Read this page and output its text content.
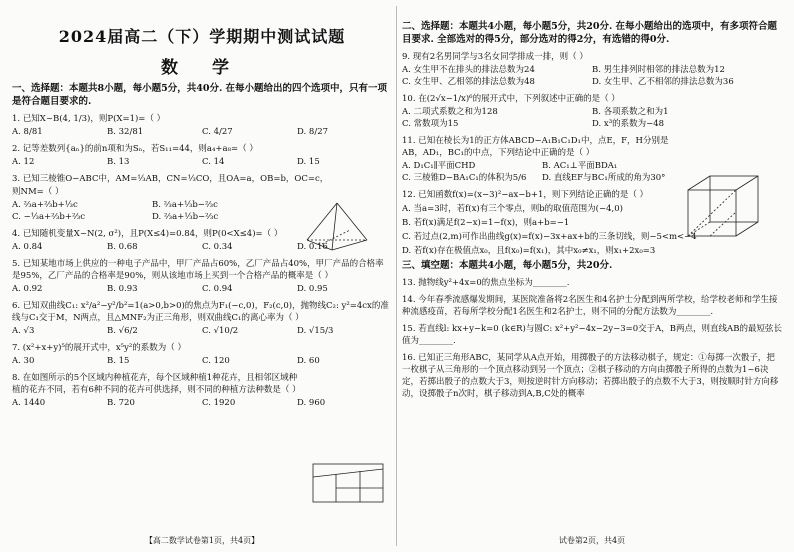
2024届高二（下）学期期中测试试题
数 学
一、选择题：本题共8小题，每小题5分，共40分. 在每小题给出的四个选项中，只有一项是符合题目要求的.
1. 已知X~B(4, 1/3)，则P(X=1)=（ ）
A. 8/81	B. 32/81	C. 4/27	D. 8/27
2. 记等差数列{aₙ}的前n项和为Sₙ，若S₁₁=44，则a₄+a₈=（ ）
A. 12	B. 13	C. 14	D. 15
3. 已知三棱锥O−ABC中，AM=⅓AB，CN=⅓CO，且OA=a，OB=b，OC=c，
则NM=（ ）
A. ⅔a+⅔b+⅓c	B. ⅔a+⅓b−⅔c
C. −⅓a+⅔b+⅔c	D. ⅔a+⅓b−⅔c
4. 已知随机变量X~N(2, σ²)，且P(X≤4)=0.84，则P(0<X≤4)=（ ）
A. 0.84	B. 0.68	C. 0.34	D. 0.16
5. 已知某地市场上供应的一种电子产品中，甲厂产品占60%，乙厂产品占40%，甲厂产品的合格率是95%，乙厂产品的合格率是90%，则从该地市场上买到一个合格产品的概率是（ ）
A. 0.92	B. 0.93	C. 0.94	D. 0.95
6. 已知双曲线C₁: x²/a²−y²/b²=1(a>0,b>0)的焦点为F₁(−c,0)，F₂(c,0)，抛物线C₂: y²=4cx的准线与C₁交于M，N两点，且△MNF₂为正三角形，则双曲线C₁的离心率为（ ）
A. √3	B. √6/2	C. √10/2	D. √15/3
7. (x²+x+y)⁵的展开式中，x⁵y²的系数为（ ）
A. 30	B. 15	C. 120	D. 60
8. 在如图所示的5个区域内种植花卉，每个区域种植1种花卉，且相邻区域种植的花卉不同，若有6种不同的花卉可供选择，则不同的种植方法种数是（ ）
A. 1440	B. 720	C. 1920	D. 960
【高二数学试卷第1页，共4页】
二、选择题：本题共4小题，每小题5分，共20分. 在每小题给出的选项中，有多项符合题目要求. 全部选对的得5分，部分选对的得2分，有选错的得0分.
9. 现有2名男同学与3名女同学排成一排，则（ ）
A. 女生甲不在排头的排法总数为24	B. 男生排列时相邻的排法总数为12
C. 女生甲、乙相邻的排法总数为48	D. 女生甲、乙不相邻的排法总数为36
10. 在(2√x−1/x)⁶的展开式中，下列叙述中正确的是（ ）
A. 二项式系数之和为128	B. 各项系数之和为1
C. 常数项为15	D. x³的系数为−48
11. 已知在棱长为1的正方体ABCD−A₁B₁C₁D₁中，点E，F，H分别是AB，AD₁，BC₁的中点，下列结论中正确的是（ ）
A. D₁C₁∥平面CHD	B. AC₁⊥平面BDA₁
C. 三棱锥D−BA₁C₁的体积为5/6	D. 直线EF与BC₁所成的角为30°
12. 已知函数f(x)=(x−3)²−ax−b+1，则下列结论正确的是（ ）
A. 当a=3时，若f(x)有三个零点，则b的取值范围为(−4,0)
B. 若f(x)满足f(2−x)=1−f(x)，则a+b=−1
C. 若过点(2,m)可作出曲线g(x)=f(x)−3x+ax+b的三条切线，则−5<m<−4
D. 若f(x)存在极值点x₀，且f(x₀)=f(x₁)，其中x₀≠x₁，则x₁+2x₀=3
三、填空题：本题共4小题，每小题5分，共20分.
13. 抛物线y²+4x=0的焦点坐标为________.
14. 今年春季流感爆发期间，某医院准备将2名医生和4名护士分配到两所学校，给学校老师和学生接种流感疫苗，若每所学校分配1名医生和2名护士，则不同的分配方法数为________.
15. 若直线l: kx+y−k=0 (k∈R)与圆C: x²+y²−4x−2y−3=0交于A，B两点，则直线AB的最短弦长值为________.
16. 已知正三角形ABC，某同学从A点开始，用掷骰子的方法移动棋子，规定：①每掷一次骰子，把一枚棋子从三角形的一个顶点移动到另一个顶点；②棋子移动的方向由掷骰子所得的点数为1~6决定，若掷出骰子的点数大于3，则按逆时针方向移动；若掷出骰子的点数不大于3，则按顺时针方向移动，设掷骰子n次时，棋子移动到A,B,C处的概率
试卷第2页，共4页
